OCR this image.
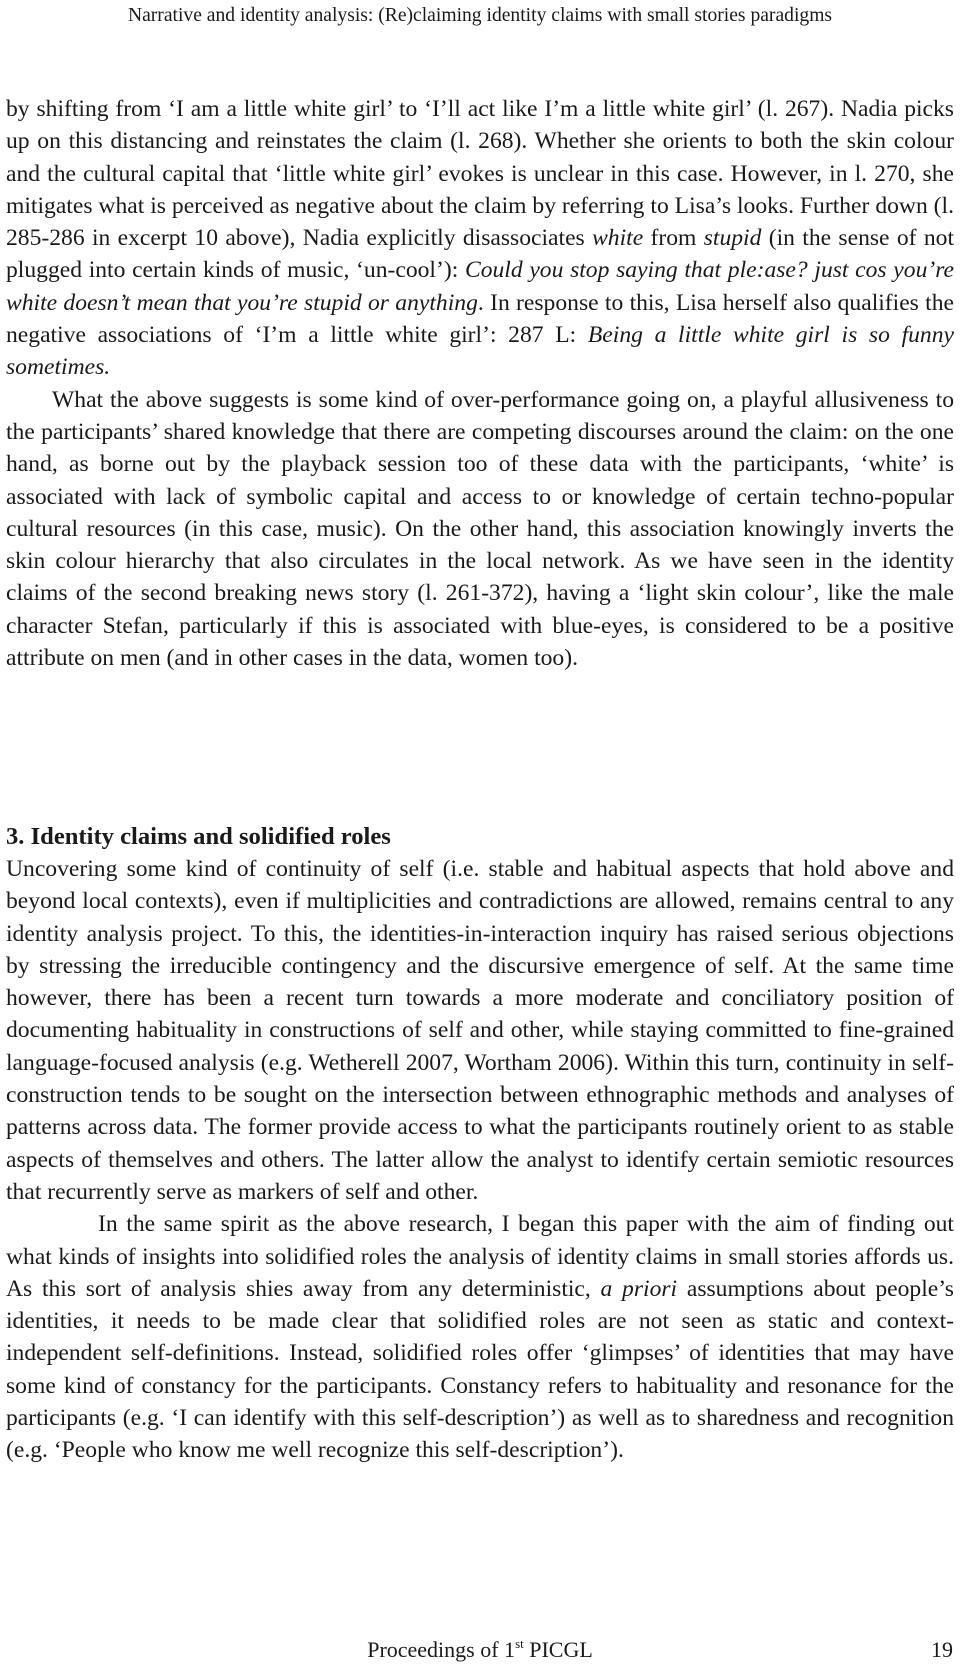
Narrative and identity analysis: (Re)claiming identity claims with small stories paradigms

by shifting from ‘I am a little white girl’ to ‘I’ll act like I’m a little white girl’ (l. 267). Nadia picks up on this distancing and reinstates the claim (l. 268). Whether she orients to both the skin colour and the cultural capital that ‘little white girl’ evokes is unclear in this case. However, in l. 270, she mitigates what is perceived as negative about the claim by referring to Lisa’s looks. Further down (l. 285-286 in excerpt 10 above), Nadia explicitly disassociates white from stupid (in the sense of not plugged into certain kinds of music, ‘un-cool’): Could you stop saying that ple:ase? just cos you’re white doesn’t mean that you’re stupid or anything. In response to this, Lisa herself also qualifies the negative associations of ‘I’m a little white girl’: 287 L: Being a little white girl is so funny sometimes.

What the above suggests is some kind of over-performance going on, a playful allusiveness to the participants’ shared knowledge that there are competing discourses around the claim: on the one hand, as borne out by the playback session too of these data with the participants, ‘white’ is associated with lack of symbolic capital and access to or knowledge of certain techno-popular cultural resources (in this case, music). On the other hand, this association knowingly inverts the skin colour hierarchy that also circulates in the local network. As we have seen in the identity claims of the second breaking news story (l. 261-372), having a ‘light skin colour’, like the male character Stefan, particularly if this is associated with blue-eyes, is considered to be a positive attribute on men (and in other cases in the data, women too).

3. Identity claims and solidified roles

Uncovering some kind of continuity of self (i.e. stable and habitual aspects that hold above and beyond local contexts), even if multiplicities and contradictions are allowed, remains central to any identity analysis project. To this, the identities-in-interaction inquiry has raised serious objections by stressing the irreducible contingency and the discursive emergence of self. At the same time however, there has been a recent turn towards a more moderate and conciliatory position of documenting habituality in constructions of self and other, while staying committed to fine-grained language-focused analysis (e.g. Wetherell 2007, Wortham 2006). Within this turn, continuity in self-construction tends to be sought on the intersection between ethnographic methods and analyses of patterns across data. The former provide access to what the participants routinely orient to as stable aspects of themselves and others. The latter allow the analyst to identify certain semiotic resources that recurrently serve as markers of self and other.

In the same spirit as the above research, I began this paper with the aim of finding out what kinds of insights into solidified roles the analysis of identity claims in small stories affords us. As this sort of analysis shies away from any deterministic, a priori assumptions about people’s identities, it needs to be made clear that solidified roles are not seen as static and context-independent self-definitions. Instead, solidified roles offer ‘glimpses’ of identities that may have some kind of constancy for the participants. Constancy refers to habituality and resonance for the participants (e.g. ‘I can identify with this self-description’) as well as to sharedness and recognition (e.g. ‘People who know me well recognize this self-description’).

Proceedings of 1st PICGL	19
